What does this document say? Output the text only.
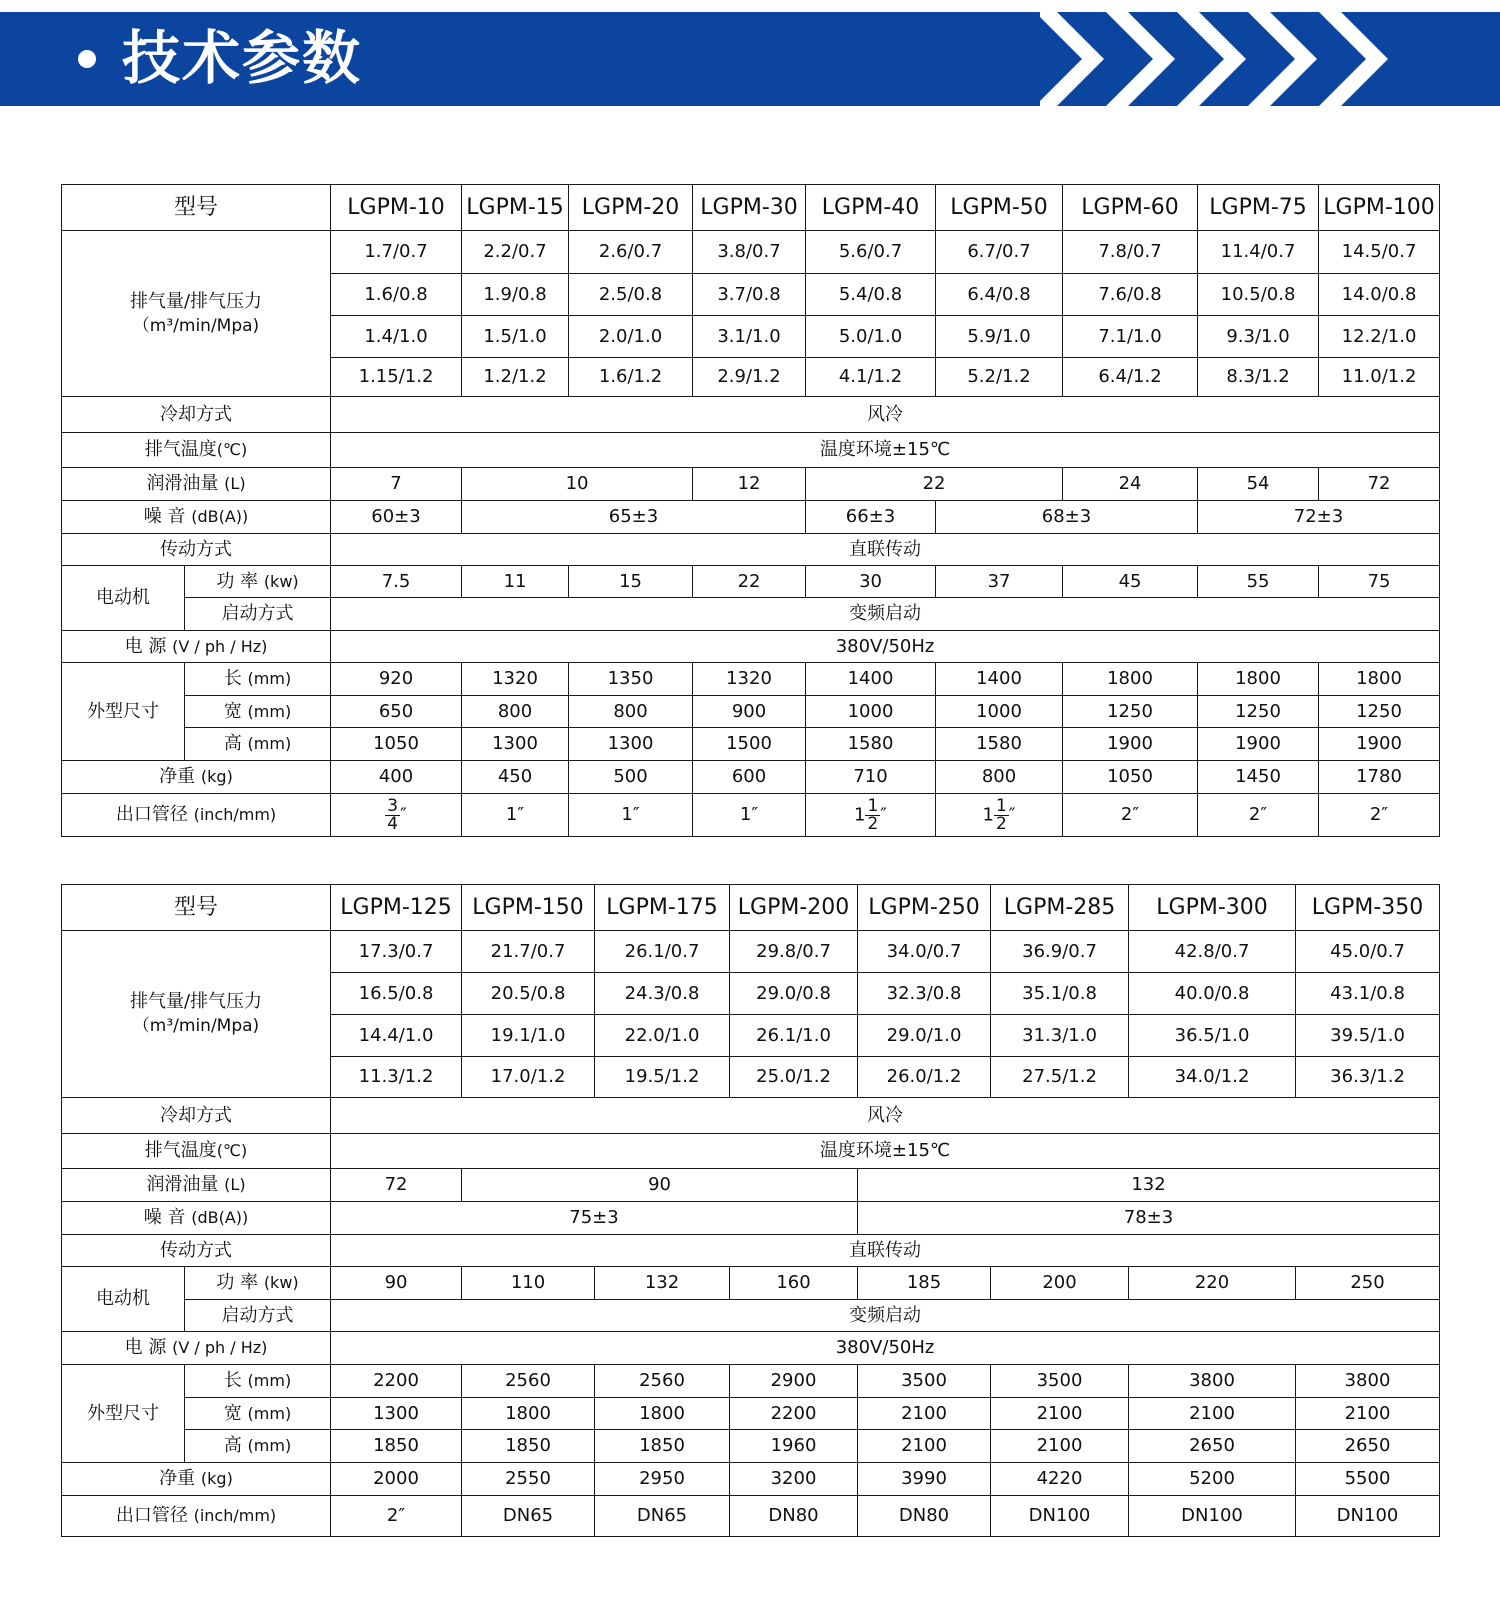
技术参数
型号		LGPM-10	LGPM-15	LGPM-20	LGPM-30	LGPM-40	LGPM-50	LGPM-60	LGPM-75	LGPM-100
排气量/排气压力
（m³/min/Mpa)		1.7/0.7	2.2/0.7	2.6/0.7	3.8/0.7	5.6/0.7	6.7/0.7	7.8/0.7	11.4/0.7	14.5/0.7
		1.6/0.8	1.9/0.8	2.5/0.8	3.7/0.8	5.4/0.8	6.4/0.8	7.6/0.8	10.5/0.8	14.0/0.8
		1.4/1.0	1.5/1.0	2.0/1.0	3.1/1.0	5.0/1.0	5.9/1.0	7.1/1.0	9.3/1.0	12.2/1.0
		1.15/1.2	1.2/1.2	1.6/1.2	2.9/1.2	4.1/1.2	5.2/1.2	6.4/1.2	8.3/1.2	11.0/1.2
冷却方式		风冷								
排气温度(℃)		温度环境±15℃								
润滑油量 (L)		7	10		12	22		24	54	72
噪 音 (dB(A))		60±3	65±3			66±3	68±3		72±3	
传动方式		直联传动								
电动机	功 率 (kw)	7.5	11	15	22	30	37	45	55	75
	启动方式	变频启动								
电 源 (V / ph / Hz)		380V/50Hz								
外型尺寸	长 (mm)	920	1320	1350	1320	1400	1400	1800	1800	1800
	宽 (mm)	650	800	800	900	1000	1000	1250	1250	1250
	高 (mm)	1050	1300	1300	1500	1580	1580	1900	1900	1900
净重 (kg)		400	450	500	600	710	800	1050	1450	1780
出口管径 (inch/mm)		$\frac{3}{4}$ ″	1″	1″	1″	$1 \frac{1}{2}$ ″	$1 \frac{1}{2}$ ″	2″	2″	2″
型号		LGPM-125	LGPM-150	LGPM-175	LGPM-200	LGPM-250	LGPM-285	LGPM-300	LGPM-350
排气量/排气压力
（m³/min/Mpa)		17.3/0.7	21.7/0.7	26.1/0.7	29.8/0.7	34.0/0.7	36.9/0.7	42.8/0.7	45.0/0.7
		16.5/0.8	20.5/0.8	24.3/0.8	29.0/0.8	32.3/0.8	35.1/0.8	40.0/0.8	43.1/0.8
		14.4/1.0	19.1/1.0	22.0/1.0	26.1/1.0	29.0/1.0	31.3/1.0	36.5/1.0	39.5/1.0
		11.3/1.2	17.0/1.2	19.5/1.2	25.0/1.2	26.0/1.2	27.5/1.2	34.0/1.2	36.3/1.2
冷却方式		风冷							
排气温度(℃)		温度环境±15℃							
润滑油量 (L)		72	90			132			
噪 音 (dB(A))		75±3				78±3			
传动方式		直联传动							
电动机	功 率 (kw)	90	110	132	160	185	200	220	250
	启动方式	变频启动							
电 源 (V / ph / Hz)		380V/50Hz							
外型尺寸	长 (mm)	2200	2560	2560	2900	3500	3500	3800	3800
	宽 (mm)	1300	1800	1800	2200	2100	2100	2100	2100
	高 (mm)	1850	1850	1850	1960	2100	2100	2650	2650
净重 (kg)		2000	2550	2950	3200	3990	4220	5200	5500
出口管径 (inch/mm)		2″	DN65	DN65	DN80	DN80	DN100	DN100	DN100
